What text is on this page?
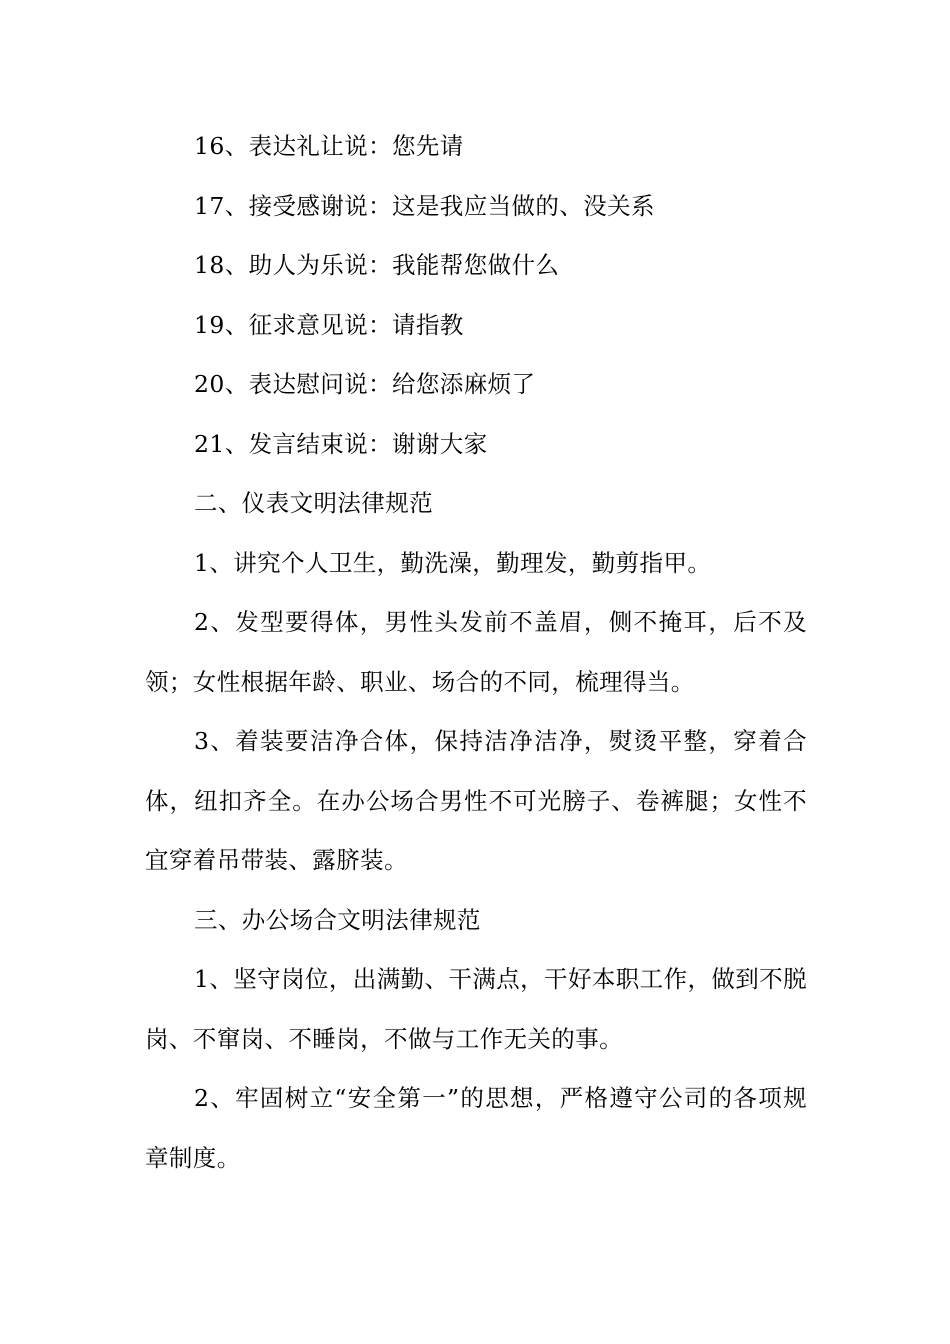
16、表达礼让说：您先请

17、接受感谢说：这是我应当做的、没关系

18、助人为乐说：我能帮您做什么

19、征求意见说：请指教

20、表达慰问说：给您添麻烦了

21、发言结束说：谢谢大家

二、仪表文明法律规范

1、讲究个人卫生，勤洗澡，勤理发，勤剪指甲。

2、发型要得体，男性头发前不盖眉，侧不掩耳，后不及领；女性根据年龄、职业、场合的不同，梳理得当。

3、着装要洁净合体，保持洁净洁净，熨烫平整，穿着合体，纽扣齐全。在办公场合男性不可光膀子、卷裤腿；女性不宜穿着吊带装、露脐装。

三、办公场合文明法律规范

1、坚守岗位，出满勤、干满点，干好本职工作，做到不脱岗、不窜岗、不睡岗，不做与工作无关的事。

2、牢固树立“安全第一”的思想，严格遵守公司的各项规章制度。
